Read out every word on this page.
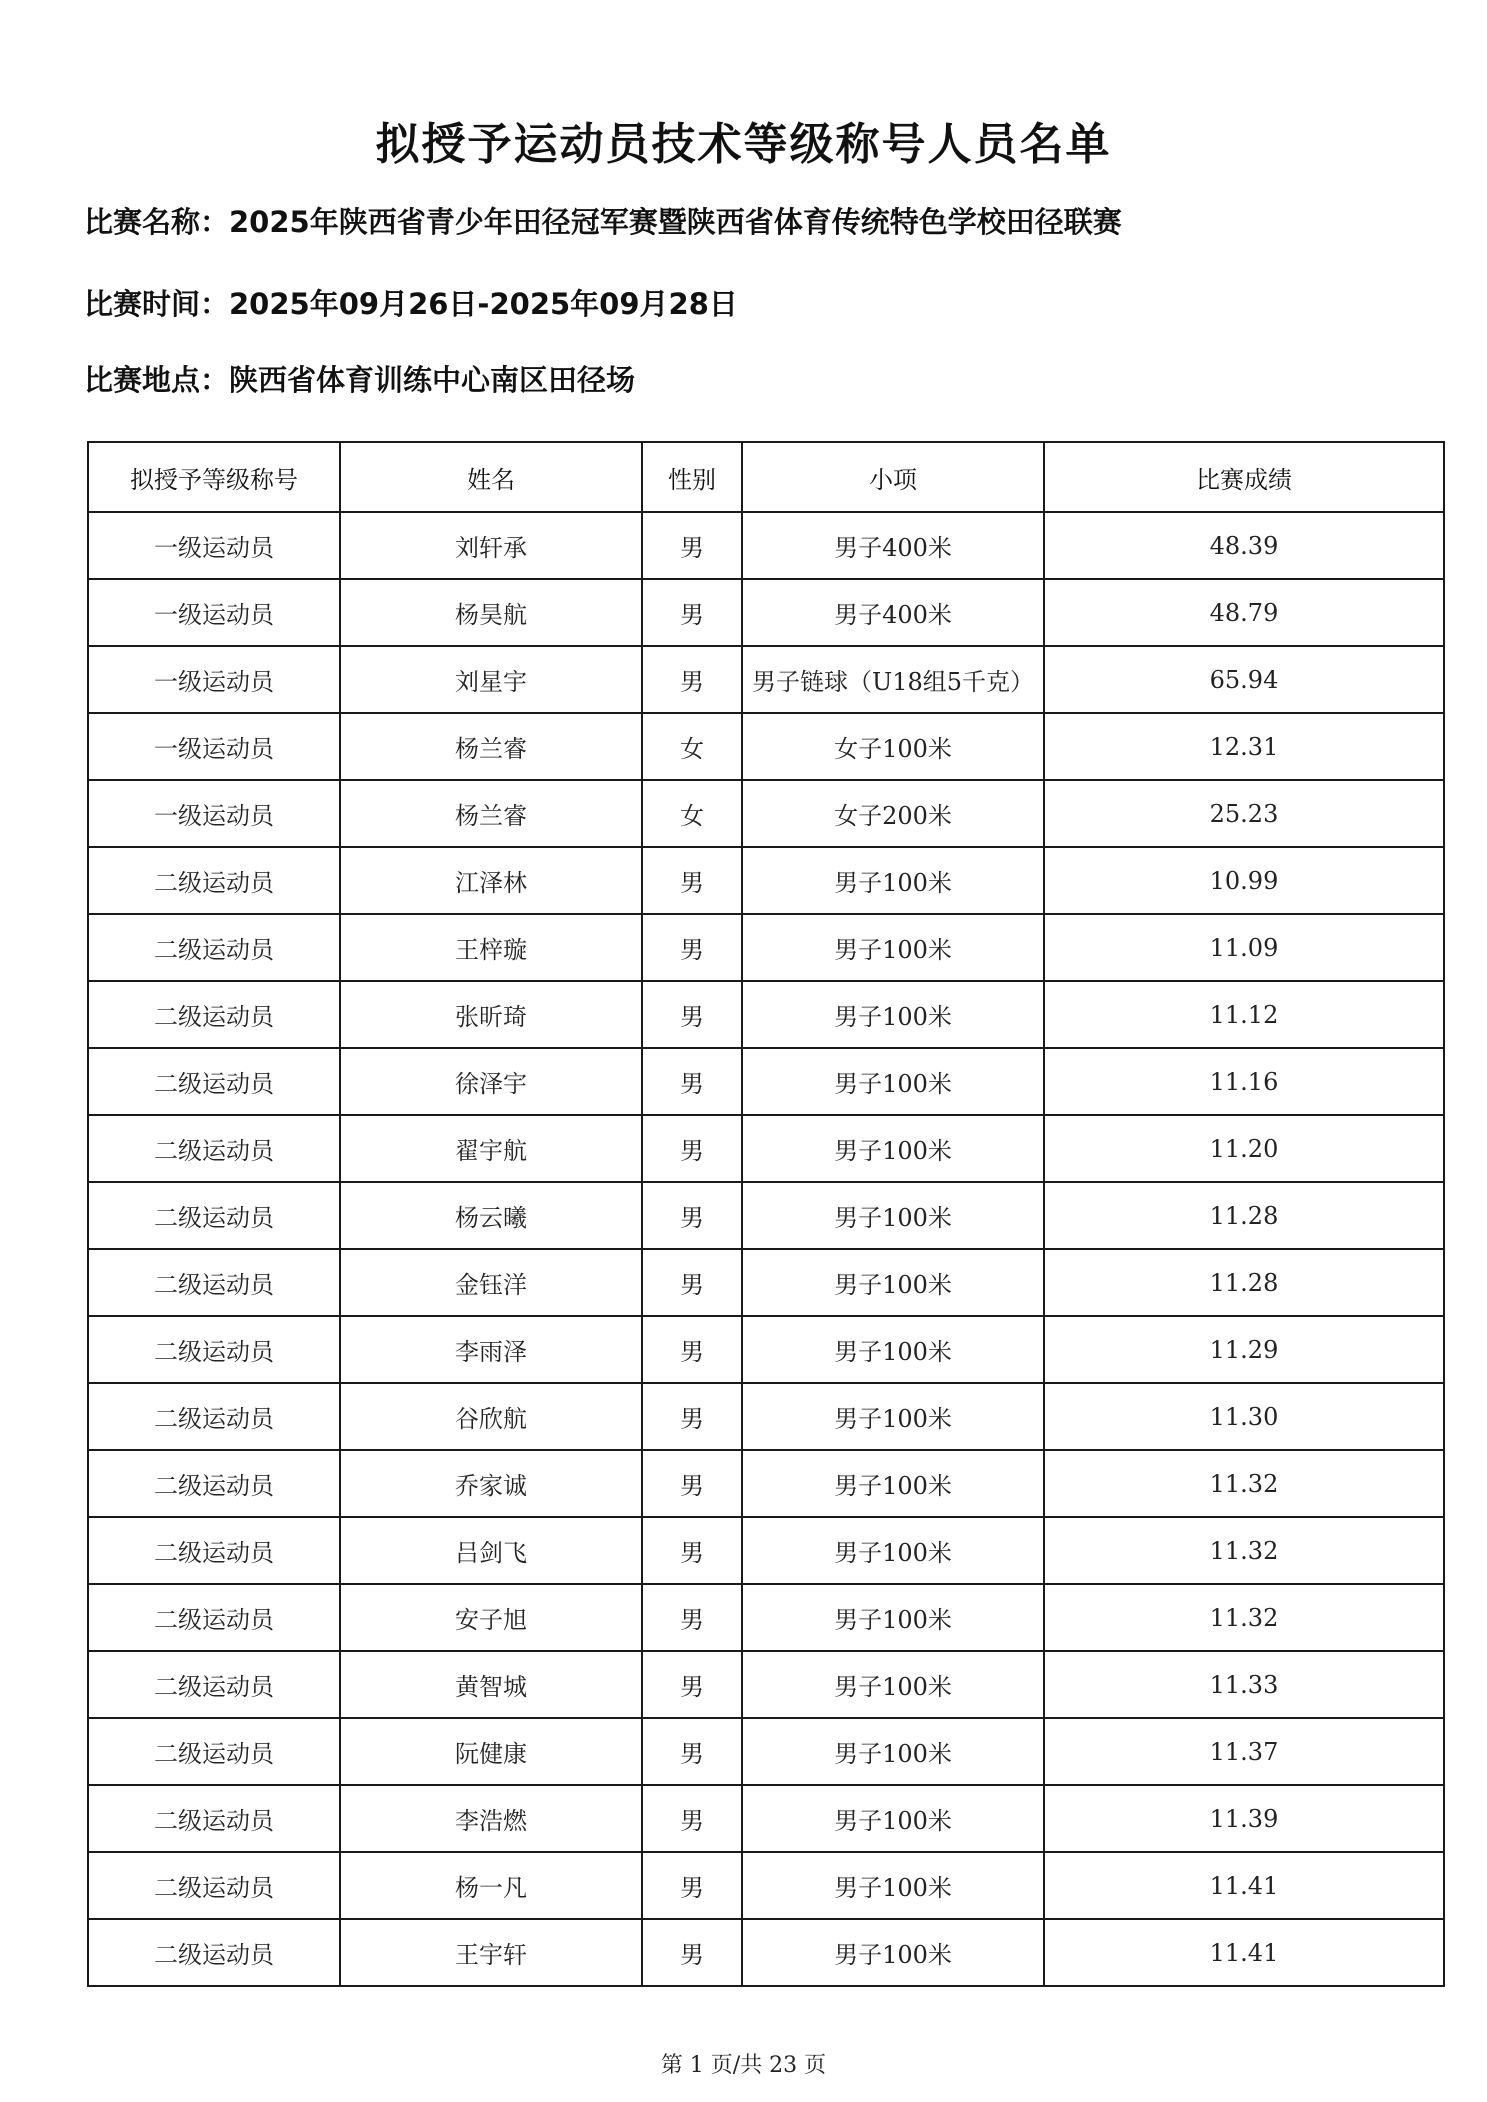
拟授予运动员技术等级称号人员名单
比赛名称：2025年陕西省青少年田径冠军赛暨陕西省体育传统特色学校田径联赛
比赛时间：2025年09月26日-2025年09月28日
比赛地点：陕西省体育训练中心南区田径场
拟授予等级称号	姓名	性别	小项	比赛成绩
一级运动员	刘轩承	男	男子400米	48.39
一级运动员	杨昊航	男	男子400米	48.79
一级运动员	刘星宇	男	男子链球（U18组5千克）	65.94
一级运动员	杨兰睿	女	女子100米	12.31
一级运动员	杨兰睿	女	女子200米	25.23
二级运动员	江泽林	男	男子100米	10.99
二级运动员	王梓璇	男	男子100米	11.09
二级运动员	张昕琦	男	男子100米	11.12
二级运动员	徐泽宇	男	男子100米	11.16
二级运动员	翟宇航	男	男子100米	11.20
二级运动员	杨云曦	男	男子100米	11.28
二级运动员	金钰洋	男	男子100米	11.28
二级运动员	李雨泽	男	男子100米	11.29
二级运动员	谷欣航	男	男子100米	11.30
二级运动员	乔家诚	男	男子100米	11.32
二级运动员	吕剑飞	男	男子100米	11.32
二级运动员	安子旭	男	男子100米	11.32
二级运动员	黄智城	男	男子100米	11.33
二级运动员	阮健康	男	男子100米	11.37
二级运动员	李浩燃	男	男子100米	11.39
二级运动员	杨一凡	男	男子100米	11.41
二级运动员	王宇轩	男	男子100米	11.41
第 1 页/共 23 页
